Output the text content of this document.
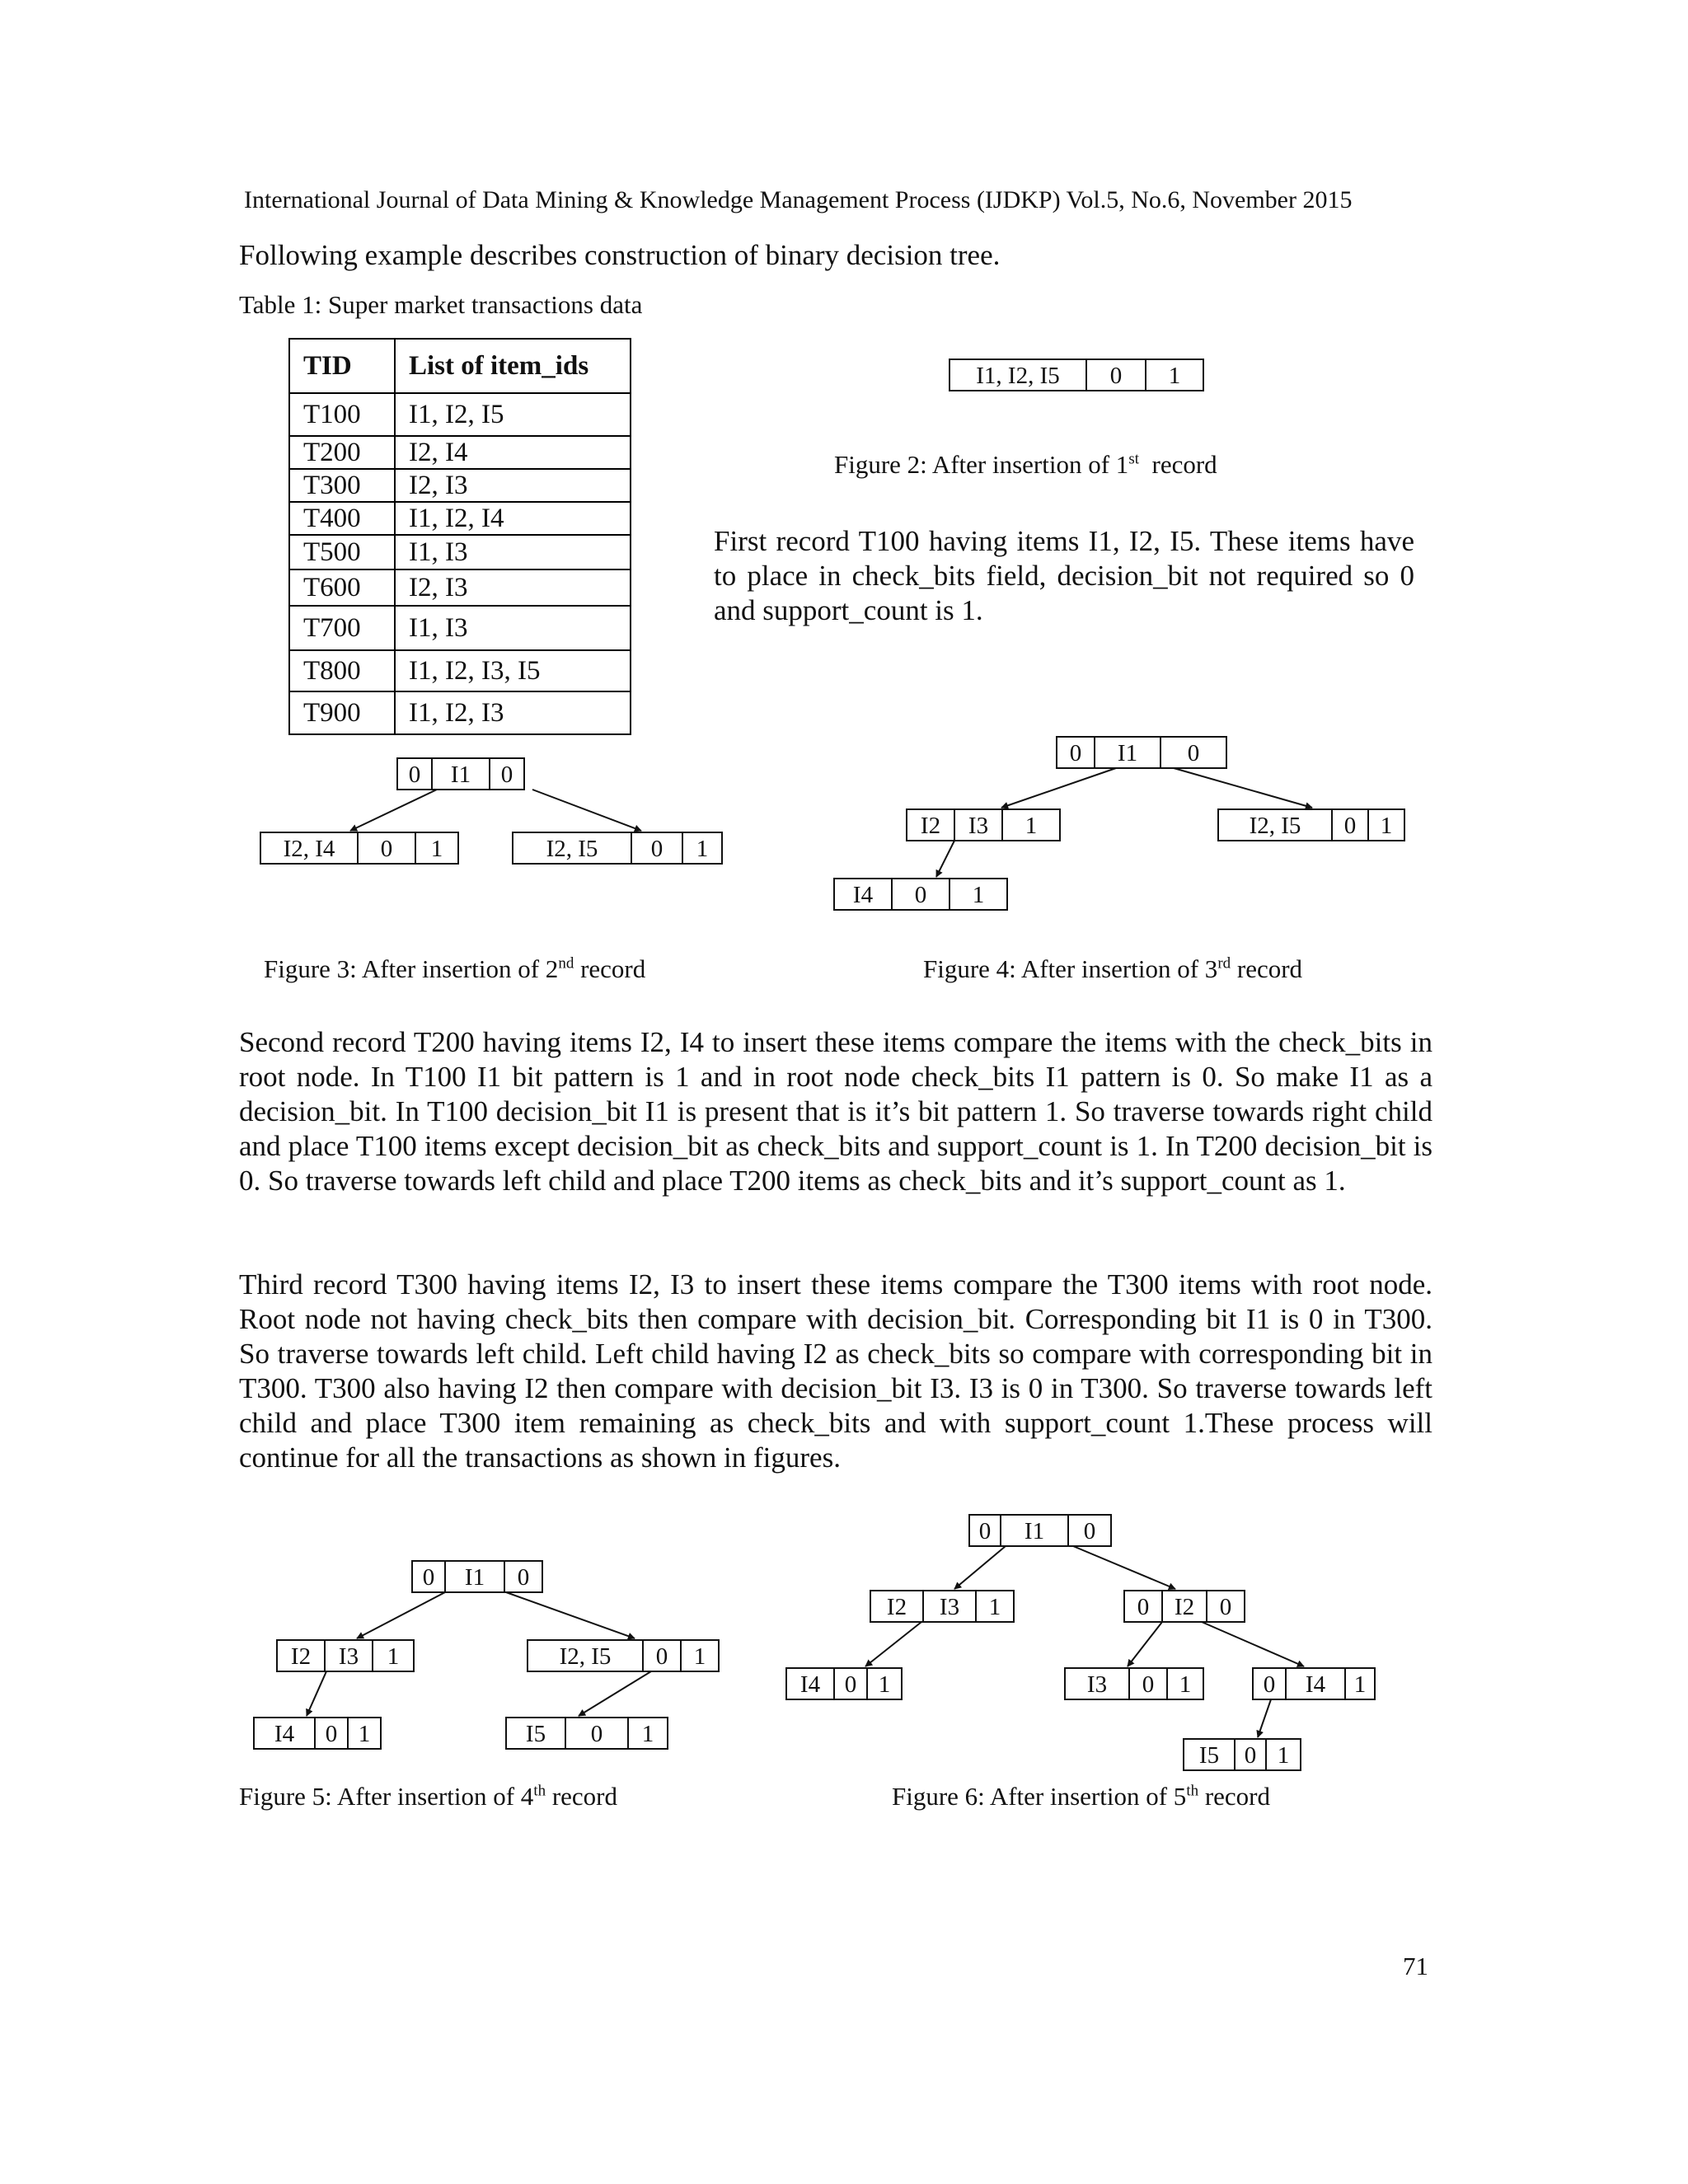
International Journal of Data Mining & Knowledge Management Process (IJDKP) Vol.5, No.6, November 2015
Following example describes construction of binary decision tree.
Table 1: Super market transactions data
TID	List of item_ids
T100	I1, I2, I5
T200	I2, I4
T300	I2, I3
T400	I1, I2, I4
T500	I1, I3
T600	I2, I3
T700	I1, I3
T800	I1, I2, I3, I5
T900	I1, I2, I3
Figure 2: After insertion of 1st  record
First record T100 having items I1, I2, I5. These items have to place in check_bits field, decision_bit not required so 0 and support_count is 1.
Figure 3: After insertion of 2nd record	Figure 4: After insertion of 3rd record
Second record T200 having items I2, I4 to insert these items compare the items with the check_bits in root node. In T100 I1 bit pattern is 1 and in root node check_bits I1 pattern is 0. So make I1 as a decision_bit. In T100 decision_bit I1 is present that is it’s bit pattern 1. So traverse towards right child and place T100 items except decision_bit as check_bits and support_count is 1. In T200 decision_bit is 0. So traverse towards left child and place T200 items as check_bits and it’s support_count as 1.
Third record T300 having items I2, I3 to insert these items compare the T300 items with root node. Root node not having check_bits then compare with decision_bit. Corresponding bit I1 is 0 in T300. So traverse towards left child. Left child having I2 as check_bits so compare with corresponding bit in T300. T300 also having I2 then compare with decision_bit I3. I3 is 0 in T300. So traverse towards left child and place T300 item remaining as check_bits and with support_count 1.These process will continue for all the transactions as shown in figures.
Figure 5: After insertion of 4th record	Figure 6: After insertion of 5th record
71
I1, I2, I5 0 1
0 I1 0
I2, I4 0 1	I2, I5 0 1
0 I1 0
I2 I3 1	I2, I5 0 1
I4 0 1
0 I1 0
I2 I3 1	I2, I5 0 1
I4 0 1	I5 0 1
0 I1 0
I2 I3 1	0 I2 0
I4 0 1	I3 0 1	0 I4 1
I5 0 1
